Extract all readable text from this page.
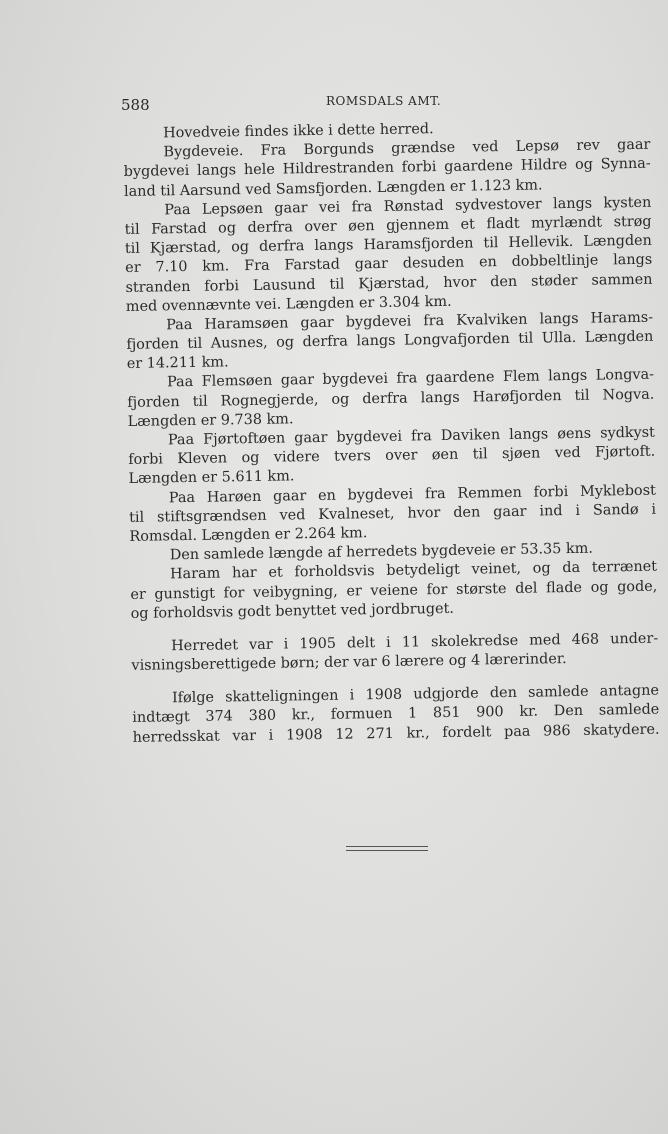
588	ROMSDALS AMT.
Hovedveie findes ikke i dette herred.
Bygdeveie. Fra Borgunds grændse ved Lepsø rev gaar
bygdevei langs hele Hildrestranden forbi gaardene Hildre og Synna-
land til Aarsund ved Samsfjorden. Længden er 1.123 km.
Paa Lepsøen gaar vei fra Rønstad sydvestover langs kysten
til Farstad og derfra over øen gjennem et fladt myrlændt strøg
til Kjærstad, og derfra langs Haramsfjorden til Hellevik. Længden
er 7.10 km. Fra Farstad gaar desuden en dobbeltlinje langs
stranden forbi Lausund til Kjærstad, hvor den støder sammen
med ovennævnte vei. Længden er 3.304 km.
Paa Haramsøen gaar bygdevei fra Kvalviken langs Harams-
fjorden til Ausnes, og derfra langs Longvafjorden til Ulla. Længden
er 14.211 km.
Paa Flemsøen gaar bygdevei fra gaardene Flem langs Longva-
fjorden til Rognegjerde, og derfra langs Harøfjorden til Nogva.
Længden er 9.738 km.
Paa Fjørtoftøen gaar bygdevei fra Daviken langs øens sydkyst
forbi Kleven og videre tvers over øen til sjøen ved Fjørtoft.
Længden er 5.611 km.
Paa Harøen gaar en bygdevei fra Remmen forbi Myklebost
til stiftsgrændsen ved Kvalneset, hvor den gaar ind i Sandø i
Romsdal. Længden er 2.264 km.
Den samlede længde af herredets bygdeveie er 53.35 km.
Haram har et forholdsvis betydeligt veinet, og da terrænet
er gunstigt for veibygning, er veiene for største del flade og gode,
og forholdsvis godt benyttet ved jordbruget.
Herredet var i 1905 delt i 11 skolekredse med 468 under-
visningsberettigede børn; der var 6 lærere og 4 lærerinder.
Ifølge skatteligningen i 1908 udgjorde den samlede antagne
indtægt 374 380 kr., formuen 1 851 900 kr. Den samlede
herredsskat var i 1908 12 271 kr., fordelt paa 986 skatydere.
